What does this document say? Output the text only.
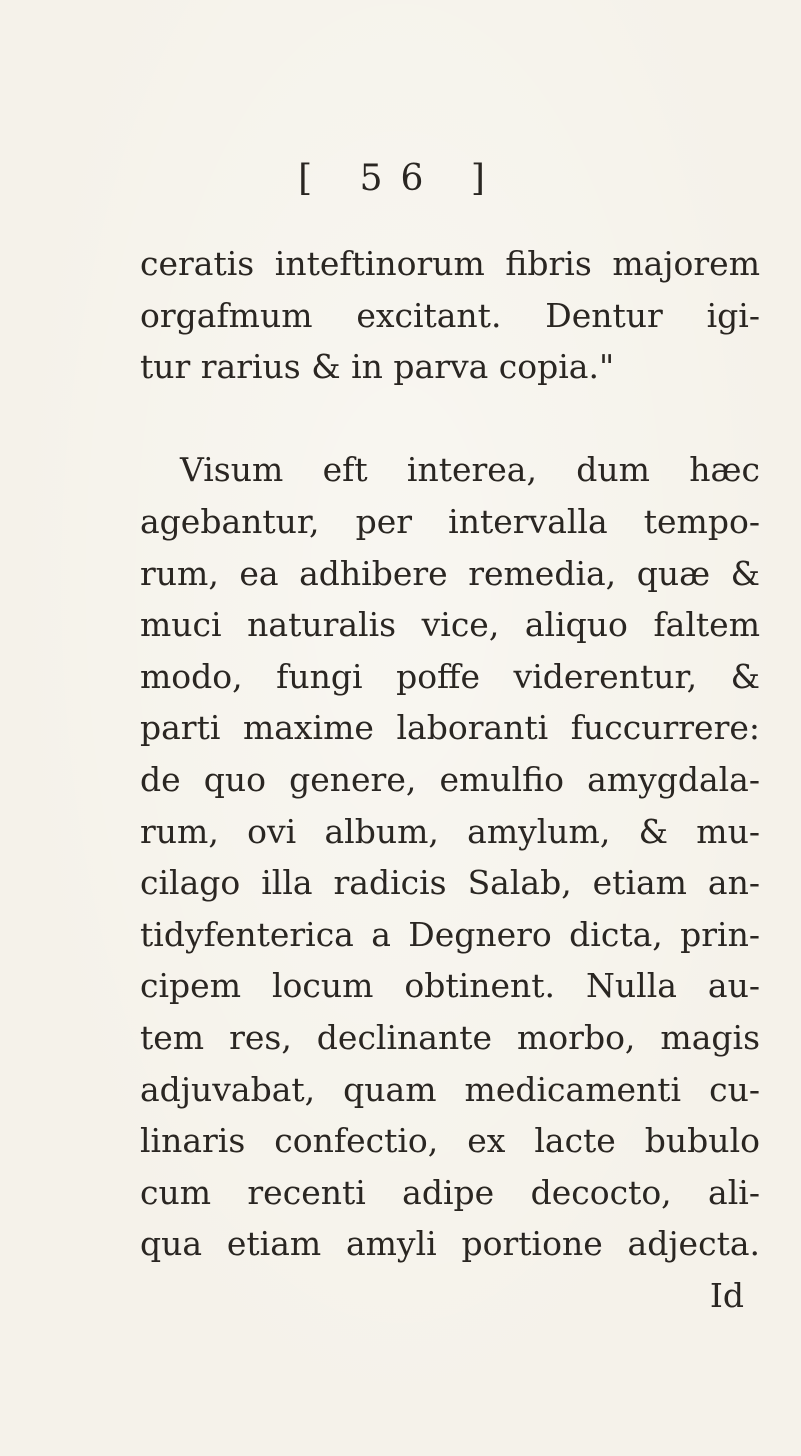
[ 56 ]
ceratis inteftinorum fibris majorem
orgafmum excitant. Dentur igi-
tur rarius & in parva copia."
Visum eft interea, dum hæc
agebantur, per intervalla tempo-
rum, ea adhibere remedia, quæ &
muci naturalis vice, aliquo faltem
modo, fungi poffe viderentur, &
parti maxime laboranti fuccurrere:
de quo genere, emulfio amygdala-
rum, ovi album, amylum, & mu-
cilago illa radicis Salab, etiam an-
tidyfenterica a Degnero dicta, prin-
cipem locum obtinent. Nulla au-
tem res, declinante morbo, magis
adjuvabat, quam medicamenti cu-
linaris confectio, ex lacte bubulo
cum recenti adipe decocto, ali-
qua etiam amyli portione adjecta.
Id
